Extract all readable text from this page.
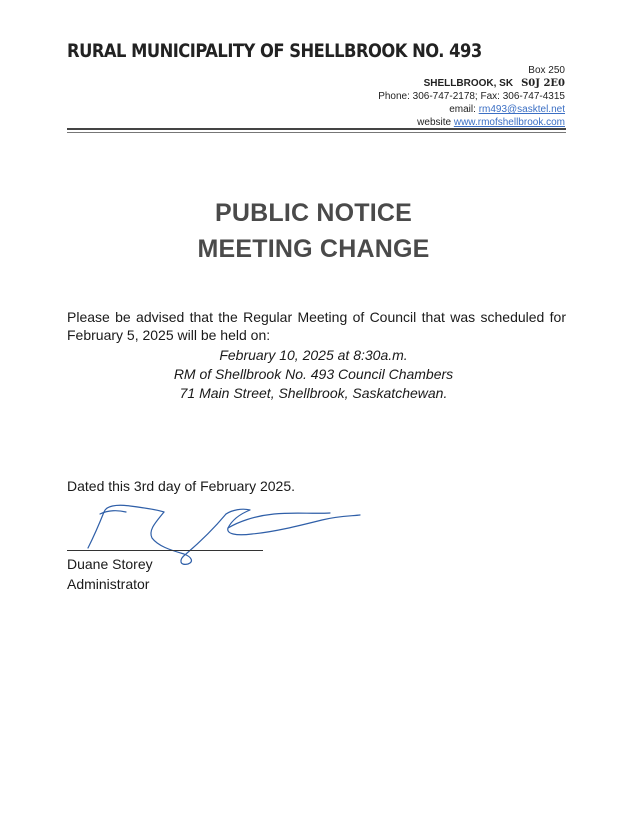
RURAL MUNICIPALITY OF SHELLBROOK NO. 493
Box 250
SHELLBROOK, SK S0J 2E0
Phone: 306-747-2178; Fax: 306-747-4315
email: rm493@sasktel.net
website www.rmofshellbrook.com
PUBLIC NOTICE
MEETING CHANGE
Please be advised that the Regular Meeting of Council that was scheduled for February 5, 2025 will be held on:
February 10, 2025 at 8:30a.m.
RM of Shellbrook No. 493 Council Chambers
71 Main Street, Shellbrook, Saskatchewan.
Dated this 3rd day of February 2025.
Duane Storey
Administrator
